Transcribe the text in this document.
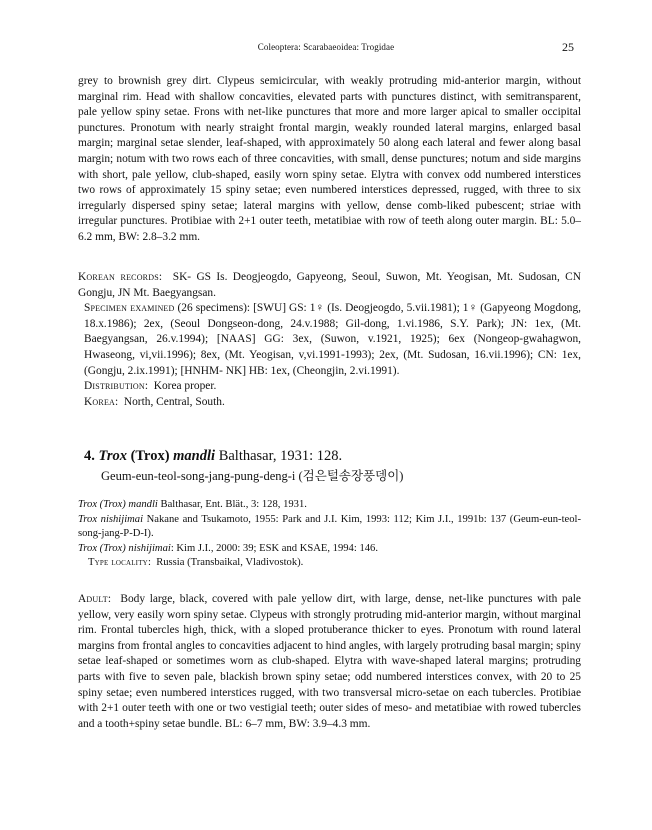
Coleoptera: Scarabaeoidea: Trogidae	25

grey to brownish grey dirt. Clypeus semicircular, with weakly protruding mid-anterior margin, without marginal rim. Head with shallow concavities, elevated parts with punctures distinct, with semitransparent, pale yellow spiny setae. Frons with net-like punctures that more and more larger apical to smaller occipital punctures. Pronotum with nearly straight frontal margin, weakly rounded lateral margins, enlarged basal margin; marginal setae slender, leaf-shaped, with approximately 50 along each lateral and fewer along basal margin; notum with two rows each of three concavities, with small, dense punctures; notum and side margins with short, pale yellow, club-shaped, easily worn spiny setae. Elytra with convex odd numbered interstices two rows of approximately 15 spiny setae; even numbered interstices depressed, rugged, with three to six irregularly dispersed spiny setae; lateral margins with yellow, dense comb-liked pubescent; striae with irregular punctures. Protibiae with 2+1 outer teeth, metatibiae with row of teeth along outer margin. BL: 5.0–6.2 mm, BW: 2.8–3.2 mm.

Korean records:  SK- GS Is. Deogjeogdo, Gapyeong, Seoul, Suwon, Mt. Yeogisan, Mt. Sudosan, CN Gongju, JN Mt. Baegyangsan.

Specimen examined (26 specimens): [SWU] GS: 1♀ (Is. Deogjeogdo, 5.vii.1981); 1♀ (Gapyeong Mogdong, 18.x.1986); 2ex, (Seoul Dongseon-dong, 24.v.1988; Gil-dong, 1.vi.1986, S.Y. Park); JN: 1ex, (Mt. Baegyangsan, 26.v.1994); [NAAS] GG: 3ex, (Suwon, v.1921, 1925); 6ex (Nongeop-gwahagwon, Hwaseong, vi,vii.1996); 8ex, (Mt. Yeogisan, v,vi.1991-1993); 2ex, (Mt. Sudosan, 16.vii.1996); CN: 1ex, (Gongju, 2.ix.1991); [HNHM- NK] HB: 1ex, (Cheongjin, 2.vi.1991).

Distribution:  Korea proper.

Korea:  North, Central, South.

4. Trox (Trox) mandli Balthasar, 1931: 128.
Geum-eun-teol-song-jang-pung-deng-i (검은털송장풍뎅이)

Trox (Trox) mandli Balthasar, Ent. Blät., 3: 128, 1931.

Trox nishijimai Nakane and Tsukamoto, 1955: Park and J.I. Kim, 1993: 112; Kim J.I., 1991b: 137 (Geum-eun-teol-song-jang-P-D-I).

Trox (Trox) nishijimai: Kim J.I., 2000: 39; ESK and KSAE, 1994: 146.

Type locality:  Russia (Transbaikal, Vladivostok).

Adult:  Body large, black, covered with pale yellow dirt, with large, dense, net-like punctures with pale yellow, very easily worn spiny setae. Clypeus with strongly protruding mid-anterior margin, without marginal rim. Frontal tubercles high, thick, with a sloped protuberance thicker to eyes. Pronotum with round lateral margins from frontal angles to concavities adjacent to hind angles, with largely protruding basal margin; spiny setae leaf-shaped or sometimes worn as club-shaped. Elytra with wave-shaped lateral margins; protruding parts with five to seven pale, blackish brown spiny setae; odd numbered interstices convex, with 20 to 25 spiny setae; even numbered interstices rugged, with two transversal micro-setae on each tubercles. Protibiae with 2+1 outer teeth with one or two vestigial teeth; outer sides of meso- and metatibiae with rowed tubercles and a tooth+spiny setae bundle. BL: 6–7 mm, BW: 3.9–4.3 mm.
